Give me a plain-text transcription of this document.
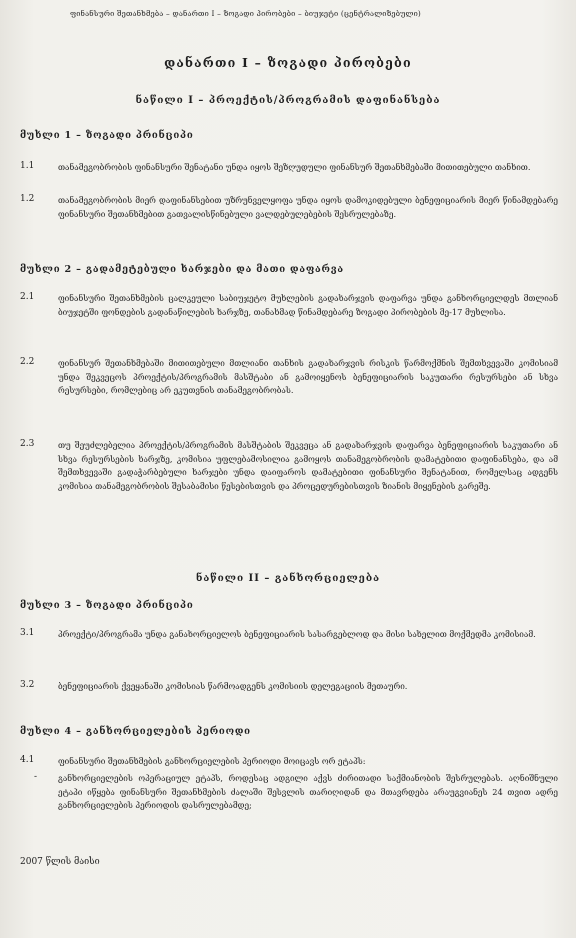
ფინანსური შეთანხმება – დანართი I – ზოგადი პირობები – ბიუჯეტი (ცენტრალიზებული)
დანართი I – ზოგადი პირობები
ნაწილი I – პროექტის/პროგრამის დაფინანსება
მუხლი 1 – ზოგადი პრინციპი
1.1	თანამეგობრობის ფინანსური შენატანი უნდა იყოს შეზღუდული ფინანსურ შეთანხმებაში მითითებული თანხით.
1.2	თანამეგობრობის მიერ დაფინანსებით უზრუნველყოფა უნდა იყოს დამოკიდებული ბენეფიციარის მიერ წინამდებარე ფინანსური შეთანხმებით გათვალისწინებული ვალდებულებების შესრულებაზე.
მუხლი 2 – გადამეტებული ხარჯები და მათი დაფარვა
2.1	ფინანსური შეთანხმების ცალკეული საბიუჯეტო მუხლების გადახარჯვის დაფარვა უნდა განხორციელდეს მთლიან ბიუჯეტში ფონდების გადანაწილების ხარჯზე, თანახმად წინამდებარე ზოგადი პირობების მე-17 მუხლისა.
2.2	ფინანსურ შეთანხმებაში მითითებული მთლიანი თანხის გადახარჯვის რისკის წარმოქმნის შემთხვევაში კომისიამ უნდა შეკვეცოს პროექტის/პროგრამის მასშტაბი ან გამოიყენოს ბენეფიციარის საკუთარი რესურსები ან სხვა რესურსები, რომლებიც არ ეკუთვნის თანამეგობრობას.
2.3	თუ შეუძლებელია პროექტის/პროგრამის მასშტაბის შეკვეცა ან გადახარჯვის დაფარვა ბენეფიციარის საკუთარი ან სხვა რესურსების ხარჯზე, კომისია უფლებამოსილია გამოყოს თანამეგობრობის დამატებითი დაფინანსება, და ამ შემთხვევაში გადაჭარბებული ხარჯები უნდა დაიფაროს დამატებითი ფინანსური შენატანით, რომელსაც ადგენს კომისია თანამეგობრობის შესაბამისი წესებისთვის და პროცედურებისთვის ზიანის მიყენების გარეშე.
ნაწილი II – განხორციელება
მუხლი 3 – ზოგადი პრინციპი
3.1	პროექტი/პროგრამა უნდა განახორციელოს ბენეფიციარის სასარგებლოდ და მისი სახელით მოქმედმა კომისიამ.
3.2	ბენეფიციარის ქვეყანაში კომისიას წარმოადგენს კომისიის დელეგაციის მეთაური.
მუხლი 4 – განხორციელების პერიოდი
4.1	ფინანსური შეთანხმების განხორციელების პერიოდი მოიცავს ორ ეტაპს:
-	განხორციელების ოპერაციულ ეტაპს, როდესაც ადგილი აქვს ძირითადი საქმიანობის შესრულებას. აღნიშნული ეტაპი იწყება ფინანსური შეთანხმების ძალაში შესვლის თარიღიდან და მთავრდება არაუგვიანეს 24 თვით ადრე განხორციელების პერიოდის დასრულებამდე;
2007 წლის მაისი
